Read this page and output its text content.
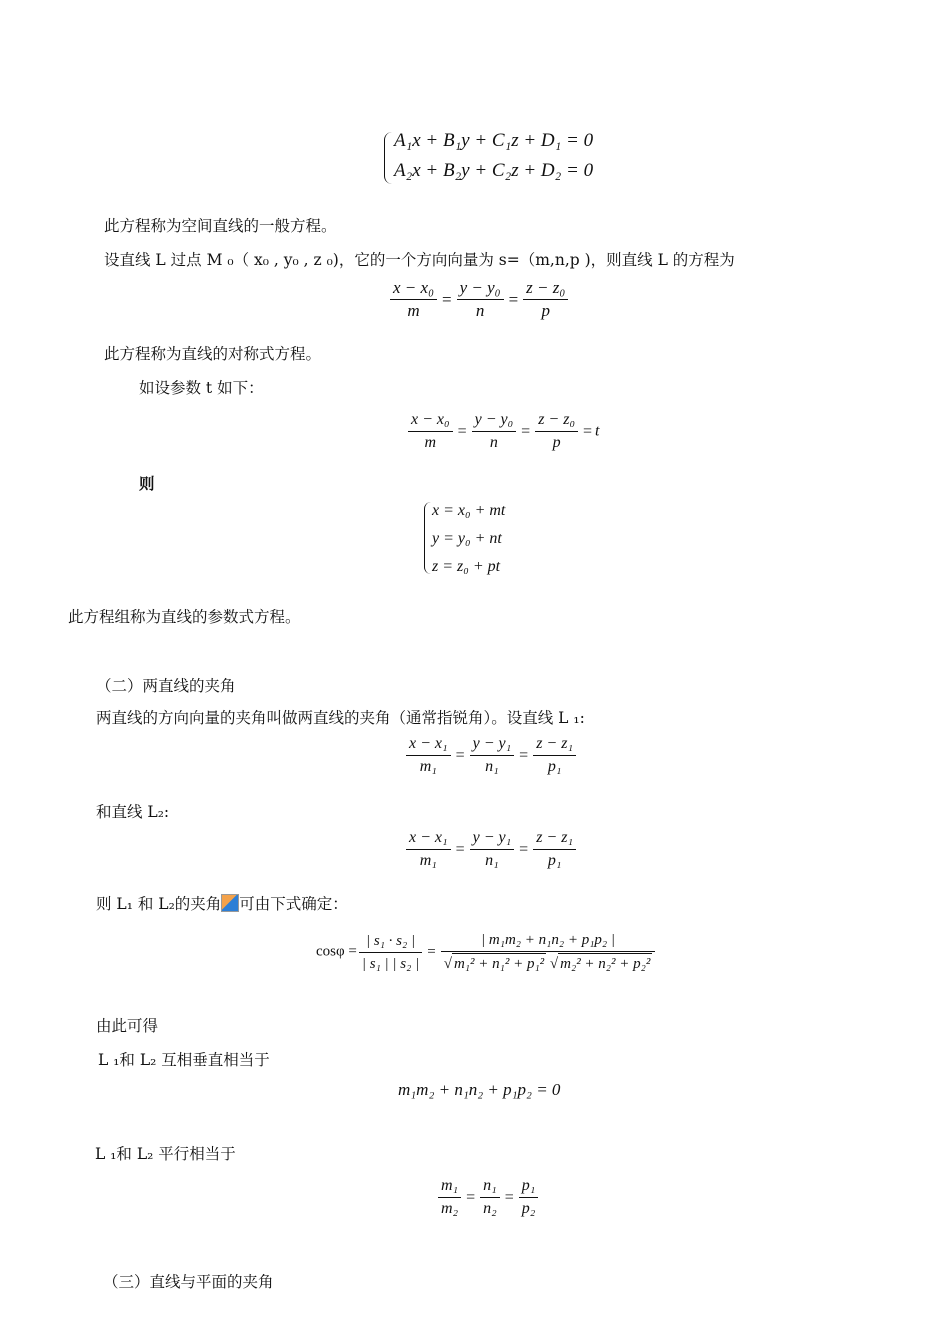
A₁x + B₁y + C₁z + D₁ = 0
A₂x + B₂y + C₂z + D₂ = 0
此方程称为空间直线的一般方程。
设直线 L 过点 M ₀（ x₀ , y₀ , z ₀)，它的一个方向向量为 s=（m,n,p )，则直线 L 的方程为
$\frac{\text{x − x₀}}{m} = \frac{\text{y − y₀}}{n} = \frac{\text{z − z₀}}{p}$
此方程称为直线的对称式方程。
如设参数 t 如下：
$\frac{\text{x − x₀}}{m} = \frac{\text{y − y₀}}{n} = \frac{\text{z − z₀}}{p} = t$
则
x = x₀ + mt
y = y₀ + nt
z = z₀ + pt
此方程组称为直线的参数式方程。
（二）两直线的夹角
两直线的方向向量的夹角叫做两直线的夹角（通常指锐角）。设直线 L ₁:
$\frac{\text{x − x₁}}{\text{m₁}} = \frac{\text{y − y₁}}{\text{n₁}} = \frac{\text{z − z₁}}{\text{p₁}}$
和直线 L₂:
$\frac{\text{x − x₁}}{\text{m₁}} = \frac{\text{y − y₁}}{\text{n₁}} = \frac{\text{z − z₁}}{\text{p₁}}$
则 L₁ 和 L₂的夹角 可由下式确定：
$\cos\varphi = \frac{\text{| s₁ · s₂ |}}{\text{| s₁ | | s₂ |}} = \frac{\text{| m₁m₂ + n₁n₂ + p₁p₂ |}}{\text{√ m₁² + n₁² + p₁² √ m₂² + n₂² + p₂²}}$
由此可得
L ₁和 L₂ 互相垂直相当于
m₁m₂ + n₁n₂ + p₁p₂ = 0
L ₁和 L₂ 平行相当于
$\frac{\text{m₁}}{\text{m₂}} = \frac{\text{n₁}}{\text{n₂}} = \frac{\text{p₁}}{\text{p₂}}$
（三）直线与平面的夹角
